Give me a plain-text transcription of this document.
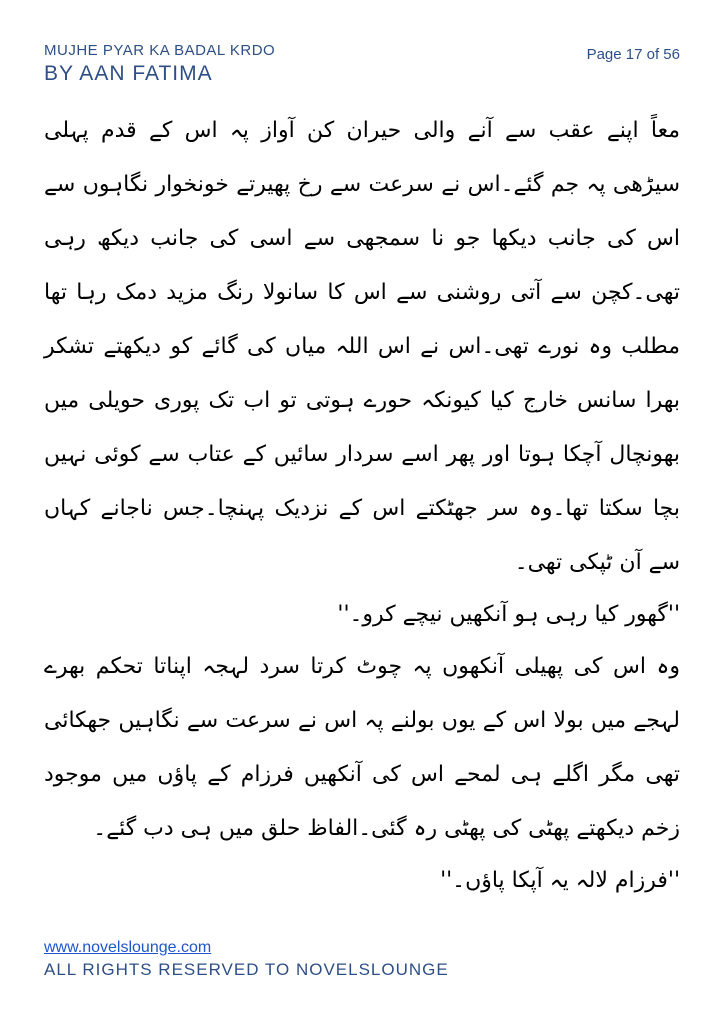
MUJHE PYAR KA BADAL KRDO
BY AAN FATIMA
Page 17 of 56

معاً اپنے عقب سے آنے والی حیران کن آواز پہ اس کے قدم پہلی سیڑھی پہ جم گئے۔اس نے سرعت سے رخ پھیرتے خونخوار نگاہوں سے اس کی جانب دیکھا جو نا سمجھی سے اسی کی جانب دیکھ رہی تھی۔کچن سے آتی روشنی سے اس کا سانولا رنگ مزید دمک رہا تھا مطلب وہ نورے تھی۔اس نے اس اللہ میاں کی گائے کو دیکھتے تشکر بھرا سانس خارج کیا کیونکہ حورے ہوتی تو اب تک پوری حویلی میں بھونچال آچکا ہوتا اور پھر اسے سردار سائیں کے عتاب سے کوئی نہیں بچا سکتا تھا۔وہ سر جھٹکتے اس کے نزدیک پہنچا۔جس ناجانے کہاں سے آن ٹپکی تھی۔

''گھور کیا رہی ہو آنکھیں نیچے کرو۔''

وہ اس کی پھیلی آنکھوں پہ چوٹ کرتا سرد لہجہ اپناتا تحکم بھرے لہجے میں بولا اس کے یوں بولنے پہ اس نے سرعت سے نگاہیں جھکائی تھی مگر اگلے ہی لمحے اس کی آنکھیں فرزام کے پاؤں میں موجود زخم دیکھتے پھٹی کی پھٹی رہ گئی۔الفاظ حلق میں ہی دب گئے۔

''فرزام لالہ یہ آپکا پاؤں۔''

www.novelslounge.com
ALL RIGHTS RESERVED TO NOVELSLOUNGE
